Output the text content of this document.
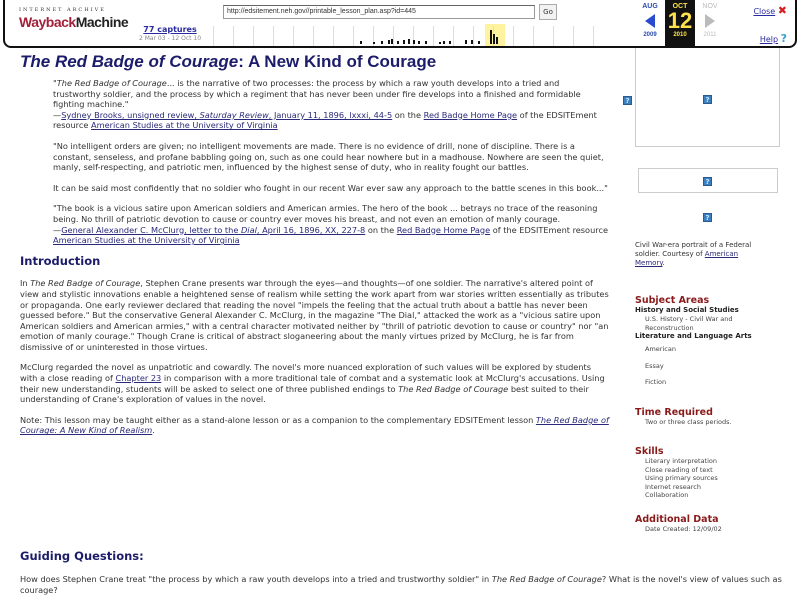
INTERNET ARCHIVE
WaybackMachine	77 captures
2 Mar 03 - 12 Oct 10
http://edsitement.neh.gov//printable_lesson_plan.asp?id=445	Go
AUG
2009
OCT
12
2010
NOV
2011
Close ✖
Help ?
The Red Badge of Courage: A New Kind of Courage

"The Red Badge of Courage... is the narrative of two processes: the process by which a raw youth develops into a tried and trustworthy soldier, and the process by which a regiment that has never been under fire develops into a finished and formidable fighting machine."
—Sydney Brooks, unsigned review, Saturday Review, January 11, 1896, lxxxi, 44-5 on the Red Badge Home Page of the EDSITEment resource American Studies at the University of Virginia

"No intelligent orders are given; no intelligent movements are made. There is no evidence of drill, none of discipline. There is a constant, senseless, and profane babbling going on, such as one could hear nowhere but in a madhouse. Nowhere are seen the quiet, manly, self-respecting, and patriotic men, influenced by the highest sense of duty, who in reality fought our battles.

It can be said most confidently that no soldier who fought in our recent War ever saw any approach to the battle scenes in this book..."

"The book is a vicious satire upon American soldiers and American armies. The hero of the book ... betrays no trace of the reasoning being. No thrill of patriotic devotion to cause or country ever moves his breast, and not even an emotion of manly courage.
—General Alexander C. McClurg, letter to the Dial, April 16, 1896, XX, 227-8 on the Red Badge Home Page of the EDSITEment resource American Studies at the University of Virginia

Introduction

In The Red Badge of Courage, Stephen Crane presents war through the eyes—and thoughts—of one soldier. The narrative's altered point of view and stylistic innovations enable a heightened sense of realism while setting the work apart from war stories written essentially as tributes or propaganda. One early reviewer declared that reading the novel "impels the feeling that the actual truth about a battle has never been guessed before." But the conservative General Alexander C. McClurg, in the magazine "The Dial," attacked the work as a "vicious satire upon American soldiers and American armies," with a central character motivated neither by "thrill of patriotic devotion to cause or country" nor "an emotion of manly courage." Though Crane is critical of abstract sloganeering about the manly virtues prized by McClurg, he is far from dismissive of or uninterested in those virtues.

McClurg regarded the novel as unpatriotic and cowardly. The novel's more nuanced exploration of such values will be explored by students with a close reading of Chapter 23 in comparison with a more traditional tale of combat and a systematic look at McClurg's accusations. Using their new understanding, students will be asked to select one of three published endings to The Red Badge of Courage best suited to their understanding of Crane's exploration of values in the novel.

Note: This lesson may be taught either as a stand-alone lesson or as a companion to the complementary EDSITEment lesson The Red Badge of Courage: A New Kind of Realism.

Guiding Questions:
How does Stephen Crane treat "the process by which a raw youth develops into a tried and trustworthy soldier" in The Red Badge of Courage? What is the novel's view of values such as courage?
?	?
?
?
Civil War-era portrait of a Federal soldier. Courtesy of American Memory.
Subject Areas
History and Social Studies
U.S. History - Civil War and Reconstruction
Literature and Language Arts
American
Essay
Fiction
Time Required
Two or three class periods.
Skills
Literary interpretation
Close reading of text
Using primary sources
Internet research
Collaboration
Additional Data
Date Created: 12/09/02
